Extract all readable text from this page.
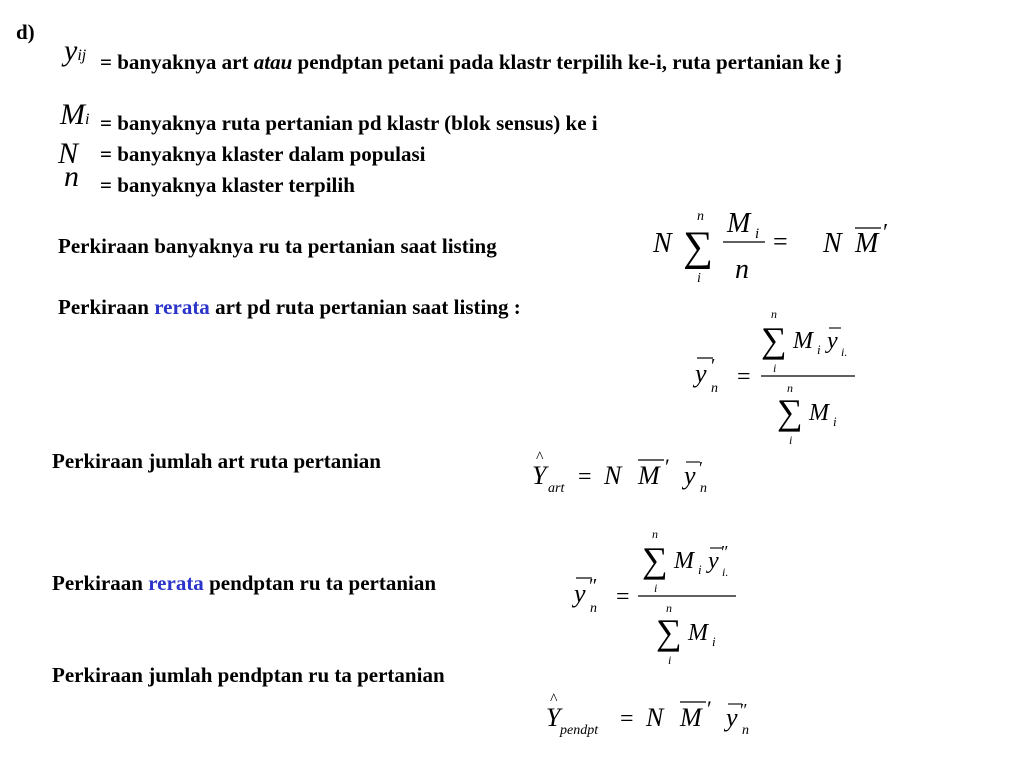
d)
yij = banyaknya art atau pendptan petani pada klastr terpilih ke-i, ruta pertanian ke j
Mi = banyaknya ruta pertanian pd klastr (blok sensus) ke i
N = banyaknya klaster dalam populasi
n = banyaknya klaster terpilih
Perkiraan banyaknya ru ta pertanian saat listing
Perkiraan rerata art pd ruta pertanian saat listing :
Perkiraan jumlah art ruta pertanian
Perkiraan rerata pendptan ru ta pertanian
Perkiraan jumlah pendptan ru ta pertanian
N
n
∑
i
M i
n
= N M ′
y ′
n =
n
∑
i
M i y i.
n
∑
i
M i
^
Y art = N M ′ y ′
n
y ″
n =
n
∑
i
M i y ″
i.
n
∑
i
M i
^
Y pendpt = N M ′ y ″
n
